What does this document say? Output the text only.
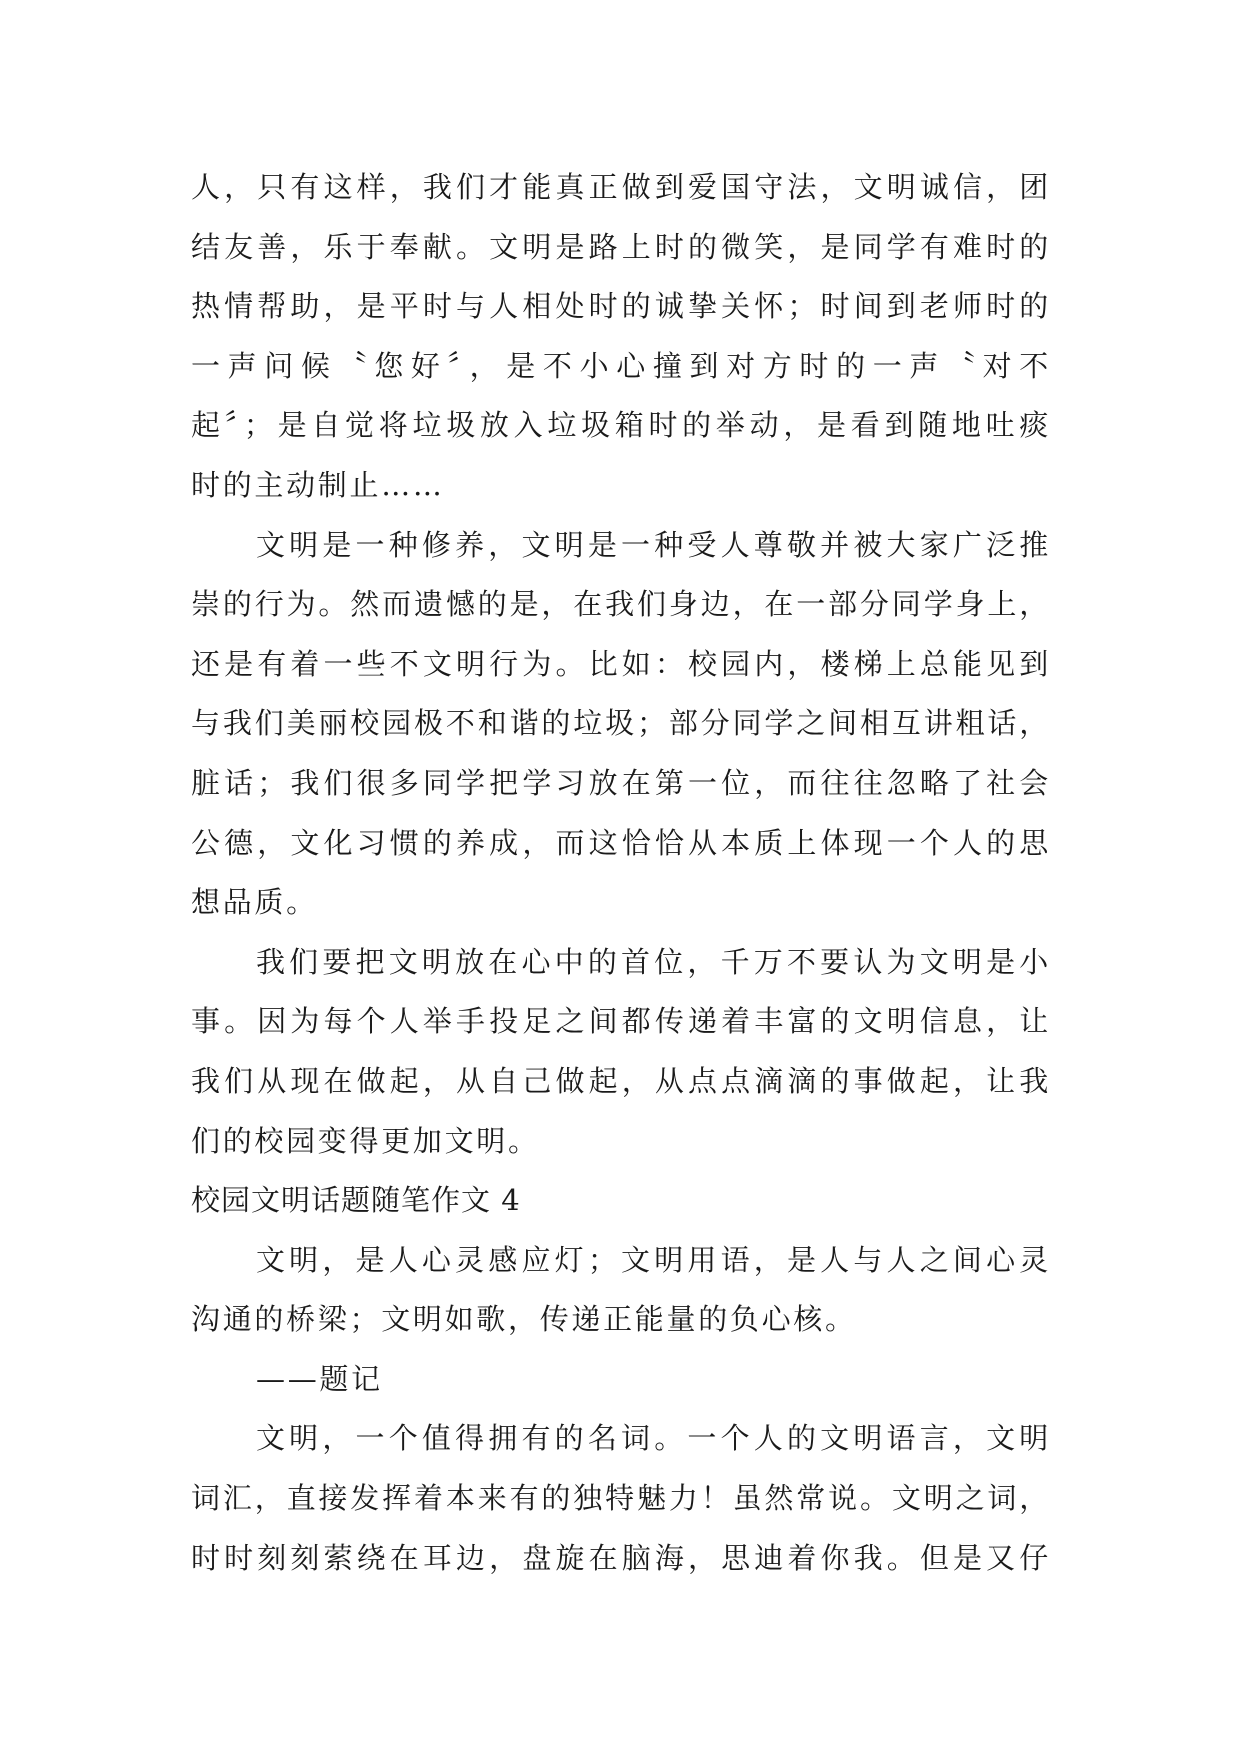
人，只有这样，我们才能真正做到爱国守法，文明诚信，团
结友善，乐于奉献。文明是路上时的微笑，是同学有难时的
热情帮助，是平时与人相处时的诚挚关怀；时间到老师时的
一声问候〝您好〞，是不小心撞到对方时的一声〝对不
起〞；是自觉将垃圾放入垃圾箱时的举动，是看到随地吐痰
时的主动制止……
文明是一种修养，文明是一种受人尊敬并被大家广泛推
崇的行为。然而遗憾的是，在我们身边，在一部分同学身上，
还是有着一些不文明行为。比如：校园内，楼梯上总能见到
与我们美丽校园极不和谐的垃圾；部分同学之间相互讲粗话，
脏话；我们很多同学把学习放在第一位，而往往忽略了社会
公德，文化习惯的养成，而这恰恰从本质上体现一个人的思
想品质。
我们要把文明放在心中的首位，千万不要认为文明是小
事。因为每个人举手投足之间都传递着丰富的文明信息，让
我们从现在做起，从自己做起，从点点滴滴的事做起，让我
们的校园变得更加文明。
校园文明话题随笔作文 4
文明，是人心灵感应灯；文明用语，是人与人之间心灵
沟通的桥梁；文明如歌，传递正能量的负心核。
——题记
文明，一个值得拥有的名词。一个人的文明语言，文明
词汇，直接发挥着本来有的独特魅力！虽然常说。文明之词，
时时刻刻萦绕在耳边，盘旋在脑海，思迪着你我。但是又仔
